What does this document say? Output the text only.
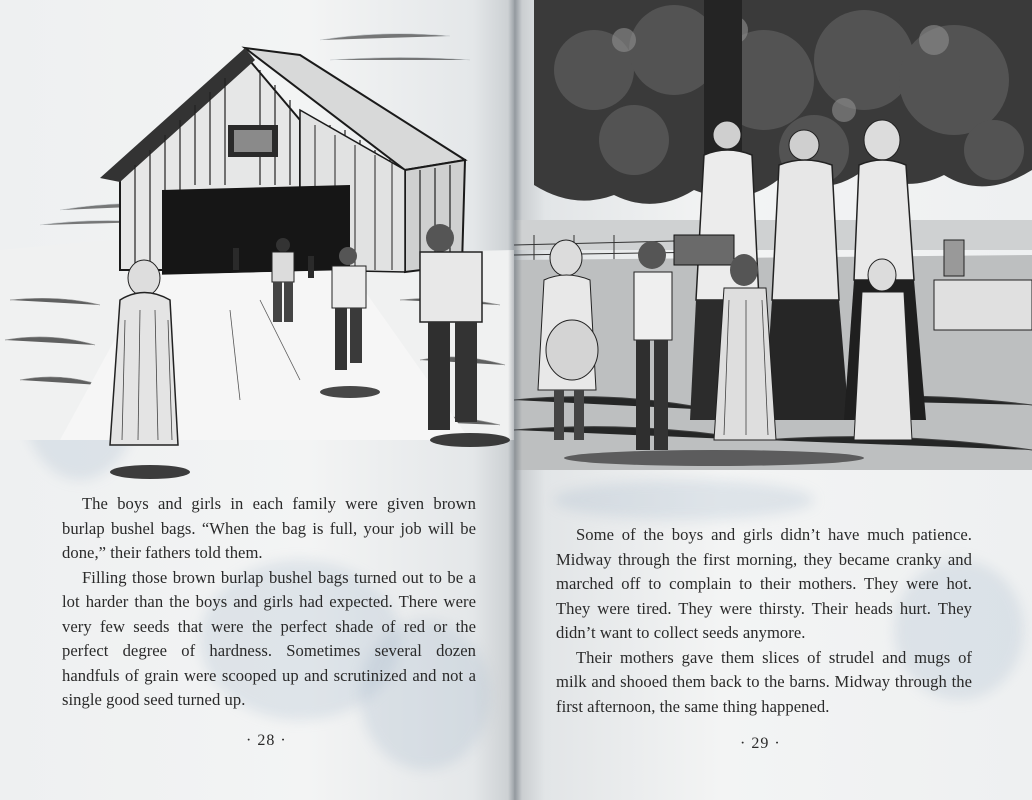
The boys and girls in each family were given brown burlap bushel bags. “When the bag is full, your job will be done,” their fathers told them.

Filling those brown burlap bushel bags turned out to be a lot harder than the boys and girls had expected. There were very few seeds that were the perfect shade of red or the perfect degree of hardness. Sometimes several dozen handfuls of grain were scooped up and scrutinized and not a single good seed turned up.

· 28 ·

Some of the boys and girls didn’t have much patience. Midway through the first morning, they became cranky and marched off to complain to their mothers. They were hot. They were tired. They were thirsty. Their heads hurt. They didn’t want to collect seeds anymore.

Their mothers gave them slices of strudel and mugs of milk and shooed them back to the barns. Midway through the first afternoon, the same thing happened.

· 29 ·
